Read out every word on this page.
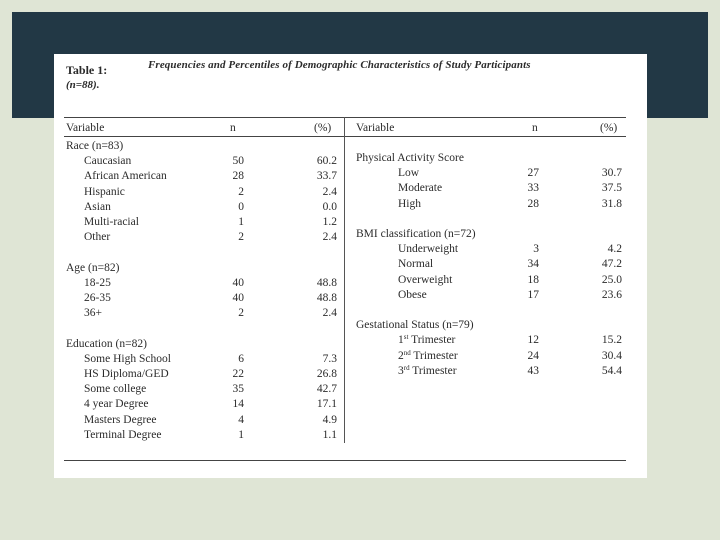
Table 1:	Frequencies and Percentiles of Demographic Characteristics of Study Participants
(n=88).
Variable	n	(%) Variable	n	(%)
Race (n=83)
Caucasian	50	60.2
African American	28	33.7
Hispanic	2	2.4
Asian	0	0.0
Multi-racial	1	1.2
Other	2	2.4
Age (n=82)
18-25	40	48.8
26-35	40	48.8
36+	2	2.4
Education (n=82)
Some High School	6	7.3
HS Diploma/GED	22	26.8
Some college	35	42.7
4 year Degree	14	17.1
Masters Degree	4	4.9
Terminal Degree	1	1.1
Physical Activity Score
Low	27	30.7
Moderate	33	37.5
High	28	31.8
BMI classification (n=72)
Underweight	3	4.2
Normal	34	47.2
Overweight	18	25.0
Obese	17	23.6
Gestational Status (n=79)
1st Trimester	12	15.2
2nd Trimester	24	30.4
3rd Trimester	43	54.4
